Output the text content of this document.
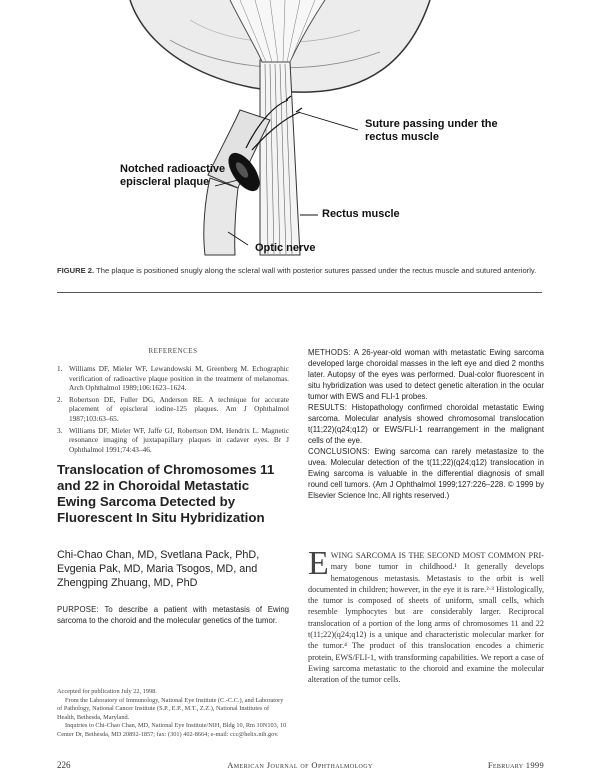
Suture passing under the rectus muscle
Notched radioactive episcleral plaque
Rectus muscle
Optic nerve
FIGURE 2. The plaque is positioned snugly along the scleral wall with posterior sutures passed under the rectus muscle and sutured anteriorly.
REFERENCES
1. Williams DF, Mieler WF, Lewandowski M, Greenberg M. Echographic verification of radioactive plaque position in the treatment of melanomas. Arch Ophthalmol 1989;106:1623–1624.
2. Robertson DE, Fuller DG, Anderson RE. A technique for accurate placement of episcleral iodine-125 plaques. Am J Ophthalmol 1987;103:63–65.
3. Williams DF, Mieler WF, Jaffe GJ, Robertson DM, Hendrix L. Magnetic resonance imaging of juxtapapillary plaques in cadaver eyes. Br J Ophthalmol 1991;74:43–46.
Translocation of Chromosomes 11 and 22 in Choroidal Metastatic Ewing Sarcoma Detected by Fluorescent In Situ Hybridization
Chi-Chao Chan, MD, Svetlana Pack, PhD, Evgenia Pak, MD, Maria Tsogos, MD, and Zhengping Zhuang, MD, PhD
PURPOSE: To describe a patient with metastasis of Ewing sarcoma to the choroid and the molecular genetics of the tumor.

Accepted for publication July 22, 1998.

From the Laboratory of Immunology, National Eye Institute (C.-C.C.), and Laboratory of Pathology, National Cancer Institute (S.P., E.P., M.T., Z.Z.), National Institutes of Health, Bethesda, Maryland.

Inquiries to Chi-Chao Chan, MD, National Eye Institute/NIH, Bldg 10, Rm 10N103, 10 Center Dr, Bethesda, MD 20892-1857; fax: (301) 402-8664; e-mail: ccc@helix.nih.gov.

METHODS: A 26-year-old woman with metastatic Ewing sarcoma developed large choroidal masses in the left eye and died 2 months later. Autopsy of the eyes was performed. Dual-color fluorescent in situ hybridization was used to detect genetic alteration in the ocular tumor with EWS and FLI-1 probes.

RESULTS: Histopathology confirmed choroidal metastatic Ewing sarcoma. Molecular analysis showed chromosomal translocation t(11;22)(q24;q12) or EWS/FLI-1 rearrangement in the malignant cells of the eye.

CONCLUSIONS: Ewing sarcoma can rarely metastasize to the uvea. Molecular detection of the t(11;22)(q24;q12) translocation in Ewing sarcoma is valuable in the differential diagnosis of small round cell tumors. (Am J Ophthalmol 1999;127:226–228. © 1999 by Elsevier Science Inc. All rights reserved.)

EWING SARCOMA IS THE SECOND MOST COMMON PRI- mary bone tumor in childhood.¹ It generally develops hematogenous metastasis. Metastasis to the orbit is well documented in children; however, in the eye it is rare.²·³ Histologically, the tumor is composed of sheets of uniform, small cells, which resemble lymphocytes but are considerably larger. Reciprocal translocation of a portion of the long arms of chromosomes 11 and 22 t(11;22)(q24;q12) is a unique and characteristic molecular marker for the tumor.⁴ The product of this translocation encodes a chimeric protein, EWS/FLI-1, with transforming capabilities. We report a case of Ewing sarcoma metastatic to the choroid and examine the molecular alteration of the tumor cells.
226	American Journal of Ophthalmology	February 1999
